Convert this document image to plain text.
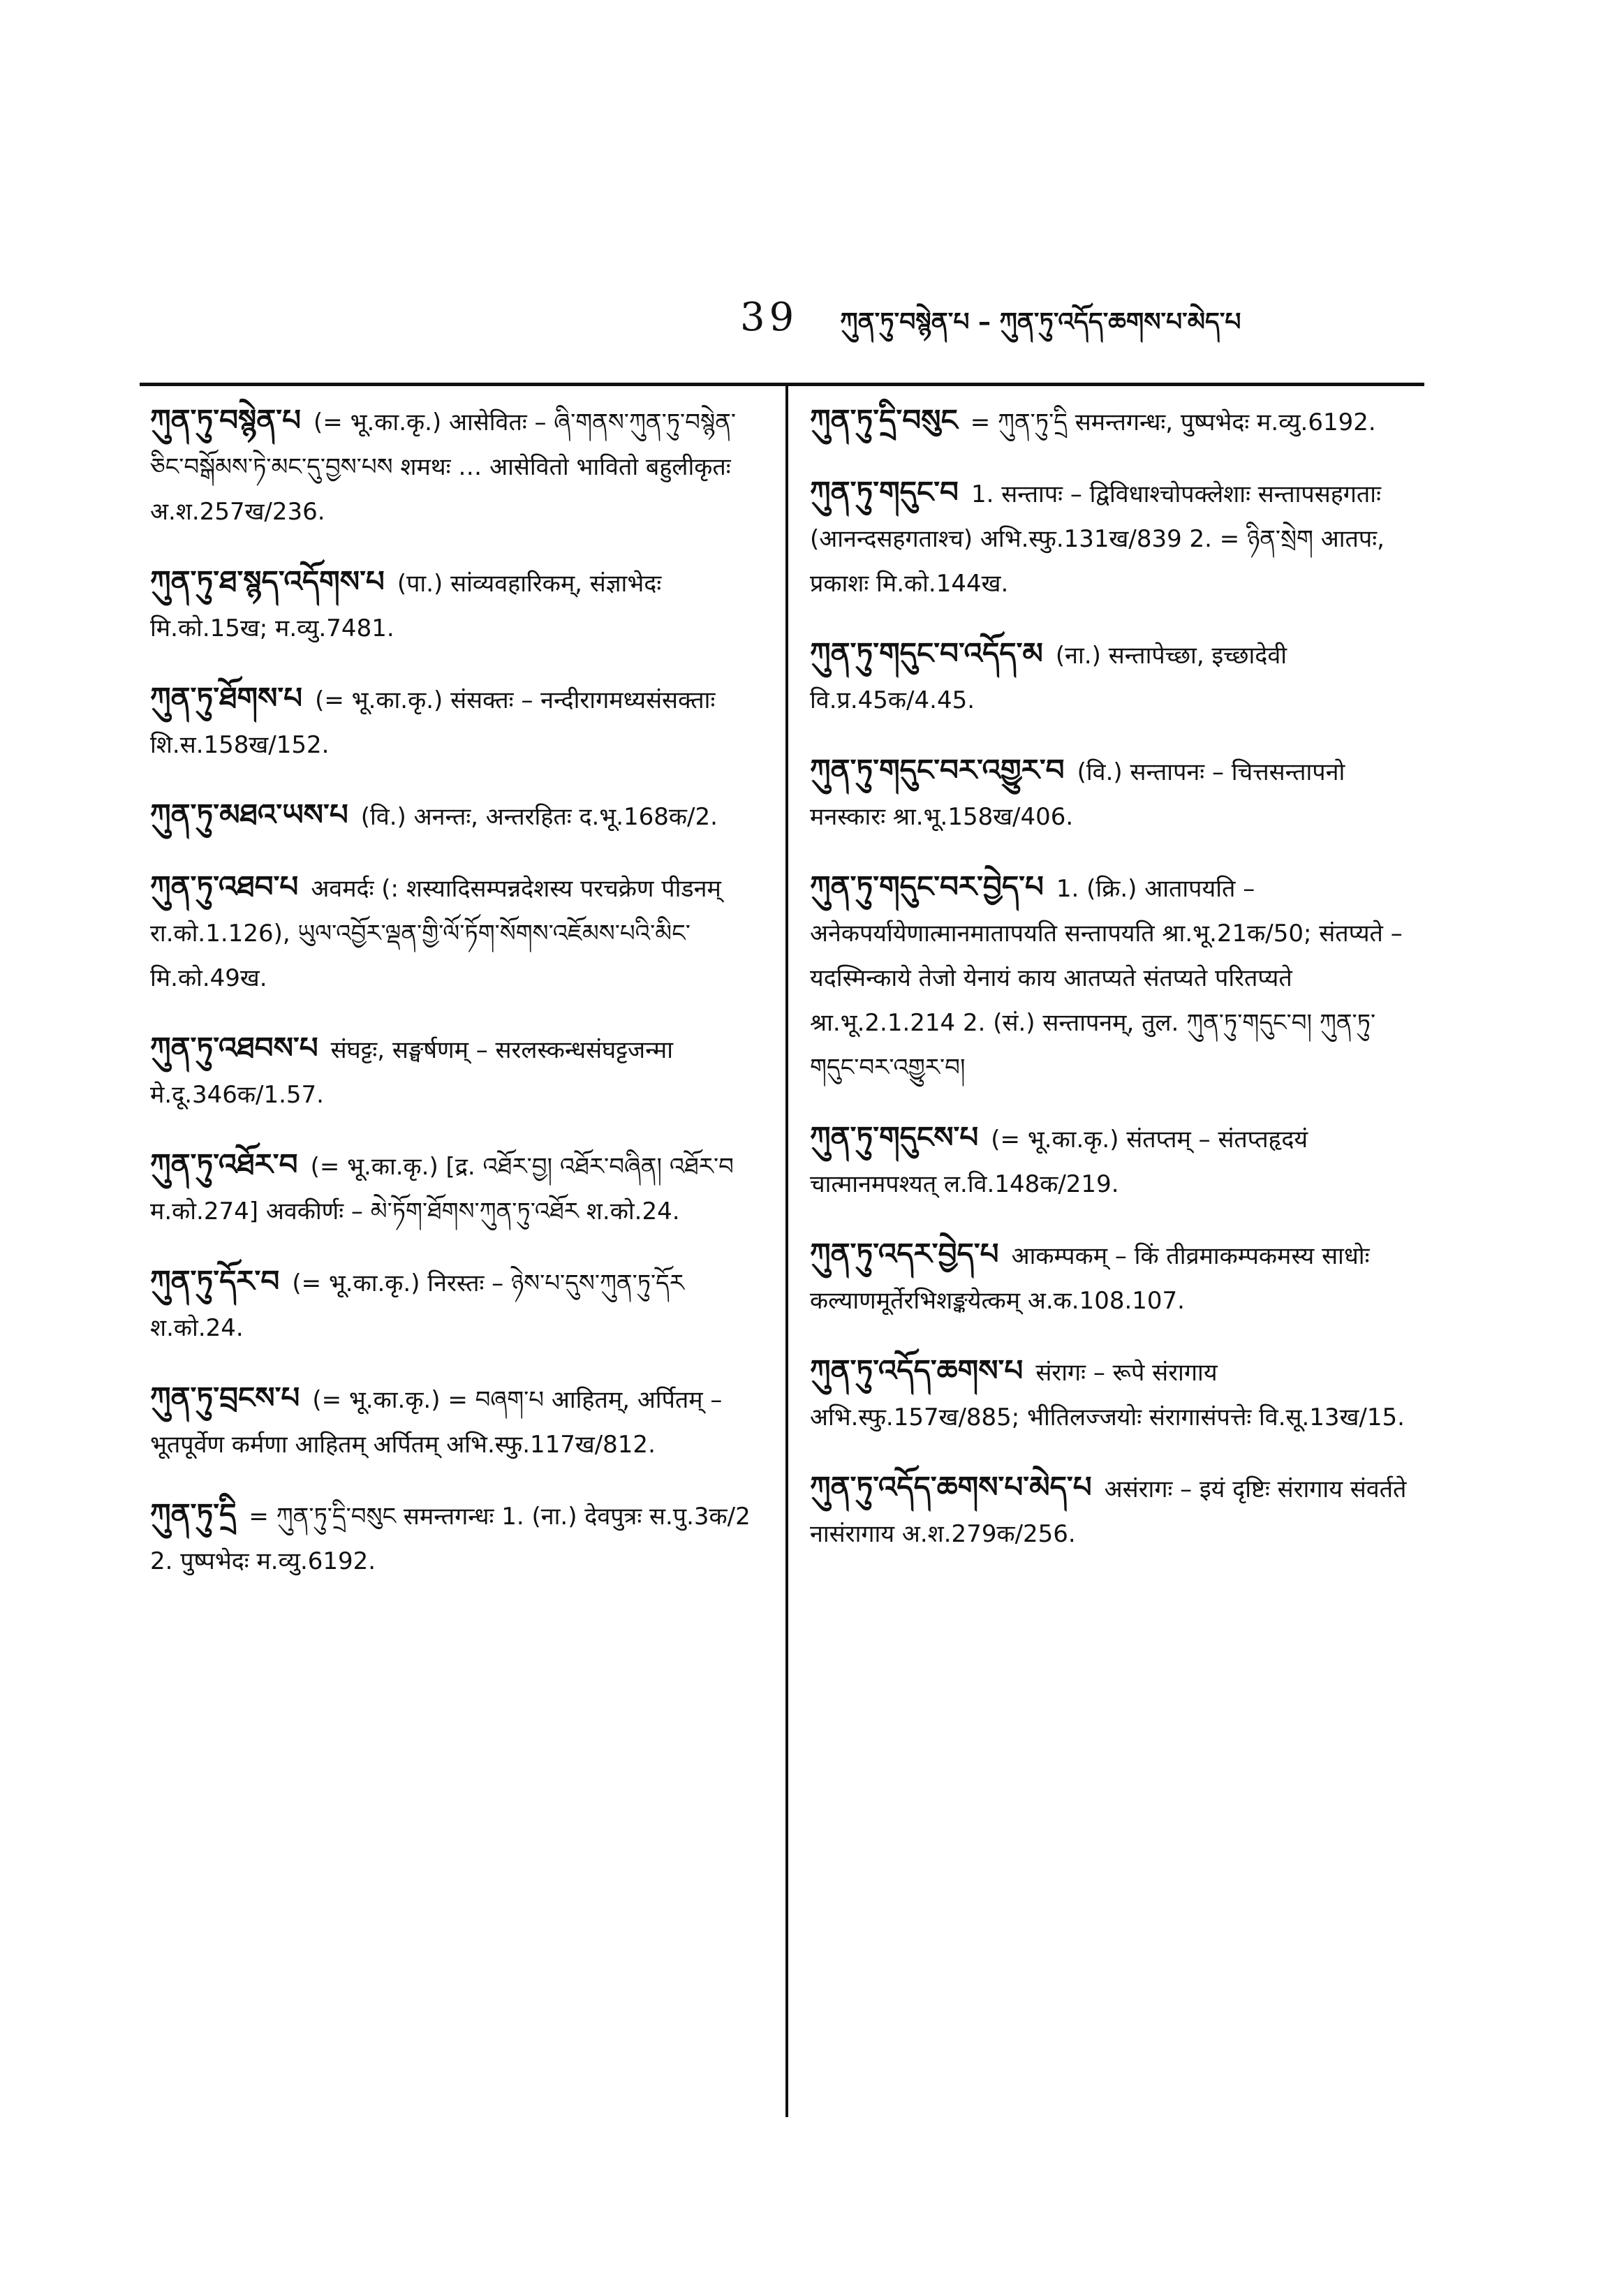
39 ཀུན་ཏུ་བསྙེན་པ – ཀུན་ཏུ་འདོད་ཆགས་པ་མེད་པ
ཀུན་ཏུ་བསྙེན་པ (= भू.का.कृ.) आसेवितः – ཞི་གནས་ཀུན་ཏུ་བསྙེན་ཅིང་བསྒོམས་ཏེ་མང་དུ་བྱས་པས शमथः … आसेवितो भावितो बहुलीकृतः अ.श.257ख/236.
ཀུན་ཏུ་ཐ་སྙད་འདོགས་པ (पा.) सांव्यवहारिकम्, संज्ञाभेदः मि.को.15ख; म.व्यु.7481.
ཀུན་ཏུ་ཐོགས་པ (= भू.का.कृ.) संसक्तः – नन्दीरागमध्यसंसक्ताः शि.स.158ख/152.
ཀུན་ཏུ་མཐའ་ཡས་པ (वि.) अनन्तः, अन्तरहितः द.भू.168क/2.
ཀུན་ཏུ་འཐབ་པ अवमर्दः (: शस्यादिसम्पन्नदेशस्य परचक्रेण पीडनम् रा.को.1.126), ཡུལ་འབྱོར་ལྡན་གྱི་ལོ་ཏོག་སོགས་འཇོམས་པའི་མིང་ मि.को.49ख.
ཀུན་ཏུ་འཐབས་པ संघट्टः, सङ्घर्षणम् – सरलस्कन्धसंघट्टजन्मा मे.दू.346क/1.57.
ཀུན་ཏུ་འཐོར་བ (= भू.का.कृ.) [द्र. འཐོར་བྱ། འཐོར་བཞིན། འཐོར་བ म.को.274] अवकीर्णः – མེ་ཏོག་ཐོགས་ཀུན་ཏུ་འཐོར श.को.24.
ཀུན་ཏུ་དོར་བ (= भू.का.कृ.) निरस्तः – ཉེས་པ་དུས་ཀུན་ཏུ་དོར श.को.24.
ཀུན་ཏུ་བྲངས་པ (= भू.का.कृ.) = བཞག་པ आहितम्, अर्पितम् – भूतपूर्वेण कर्मणा आहितम् अर्पितम् अभि.स्फु.117ख/812.
ཀུན་ཏུ་དྲི = ཀུན་ཏུ་དྲི་བསུང समन्तगन्धः 1. (ना.) देवपुत्रः स.पु.3क/2 2. पुष्पभेदः म.व्यु.6192.
ཀུན་ཏུ་དྲི་བསུང = ཀུན་ཏུ་དྲི समन्तगन्धः, पुष्पभेदः म.व्यु.6192.
ཀུན་ཏུ་གདུང་བ 1. सन्तापः – द्विविधाश्चोपक्लेशाः सन्तापसहगताः (आनन्दसहगताश्च) अभि.स्फु.131ख/839 2. = ཉིན་སྲེག आतपः, प्रकाशः मि.को.144ख.
ཀུན་ཏུ་གདུང་བ་འདོད་མ (ना.) सन्तापेच्छा, इच्छादेवी वि.प्र.45क/4.45.
ཀུན་ཏུ་གདུང་བར་འགྱུར་བ (वि.) सन्तापनः – चित्तसन्तापनो मनस्कारः श्रा.भू.158ख/406.
ཀུན་ཏུ་གདུང་བར་བྱེད་པ 1. (क्रि.) आतापयति – अनेकपर्यायेणात्मानमातापयति सन्तापयति श्रा.भू.21क/50; संतप्यते – यदस्मिन्काये तेजो येनायं काय आतप्यते संतप्यते परितप्यते श्रा.भू.2.1.214 2. (सं.) सन्तापनम्, तुल. ཀུན་ཏུ་གདུང་བ། ཀུན་ཏུ་གདུང་བར་འགྱུར་བ།
ཀུན་ཏུ་གདུངས་པ (= भू.का.कृ.) संतप्तम् – संतप्तहृदयं चात्मानमपश्यत् ल.वि.148क/219.
ཀུན་ཏུ་འདར་བྱེད་པ आकम्पकम् – किं तीव्रमाकम्पकमस्य साधोः कल्याणमूर्तेरभिशङ्कयेत्कम् अ.क.108.107.
ཀུན་ཏུ་འདོད་ཆགས་པ संरागः – रूपे संरागाय अभि.स्फु.157ख/885; भीतिलज्जयोः संरागासंपत्तेः वि.सू.13ख/15.
ཀུན་ཏུ་འདོད་ཆགས་པ་མེད་པ असंरागः – इयं दृष्टिः संरागाय संवर्तते नासंरागाय अ.श.279क/256.
